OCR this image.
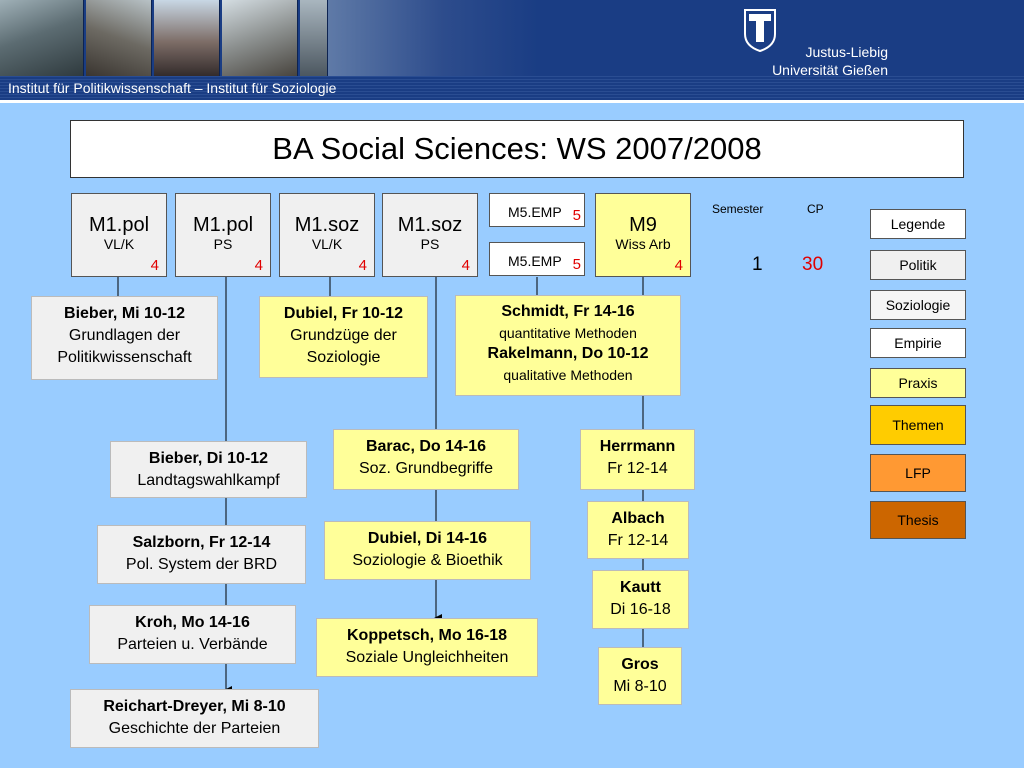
Institut für Politikwissenschaft – Institut für Soziologie
Justus-Liebig
Universität Gießen
BA Social Sciences: WS 2007/2008
M1.pol
VL/K
4
M1.pol
PS
4
M1.soz
VL/K
4
M1.soz
PS
4
M9
Wiss Arb
4
M5.EMP 5
M5.EMP 5
Semester	CP
1 30
Bieber, Mi 10-12
Grundlagen der
Politikwissenschaft
Dubiel, Fr 10-12
Grundzüge der
Soziologie
Schmidt, Fr 14-16
quantitative Methoden
Rakelmann, Do 10-12
qualitative Methoden
Bieber, Di 10-12
Landtagswahlkampf
Barac, Do 14-16
Soz. Grundbegriffe
Herrmann
Fr 12-14
Albach
Fr 12-14
Salzborn, Fr 12-14
Pol. System der BRD
Dubiel, Di 14-16
Soziologie & Bioethik
Kautt
Di 16-18
Kroh, Mo 14-16
Parteien u. Verbände
Koppetsch, Mo 16-18
Soziale Ungleichheiten	Gros
Mi 8-10
Reichart-Dreyer, Mi 8-10
Geschichte der Parteien
Legende
Politik
Soziologie
Empirie
Praxis
Themen
LFP
Thesis
